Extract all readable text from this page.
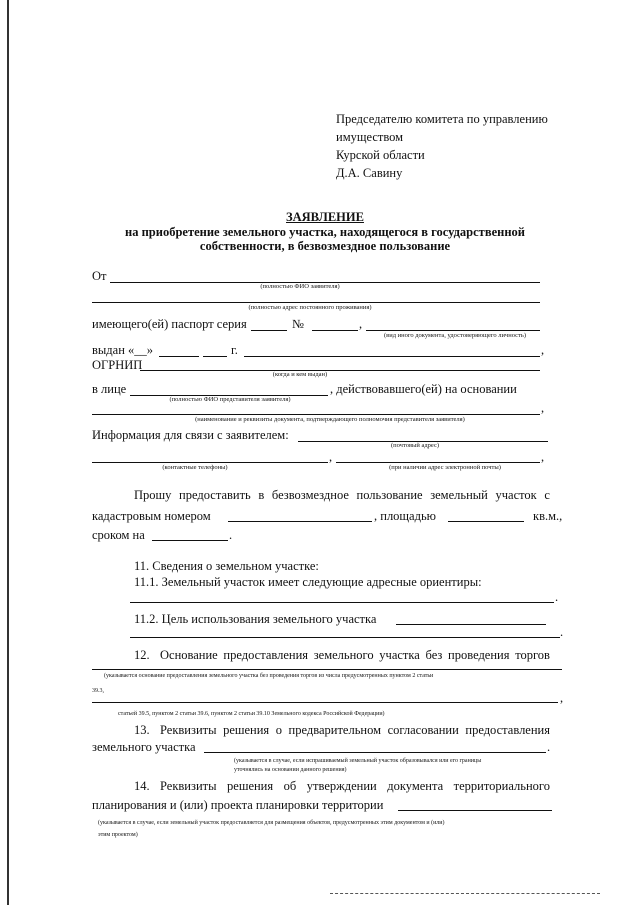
Председателю комитета по управлению
имуществом
Курской области
Д.А. Савину
ЗАЯВЛЕНИЕ
на приобретение земельного участка, находящегося в государственной
собственности, в безвозмездное пользование
От
(полностью ФИО заявителя)
(полностью адрес постоянного проживания)
имеющего(ей) паспорт серия	№	,
(вид иного документа, удостоверяющего личность)
выдан «__»	г.	,
ОГРНИП
(когда и кем выдан)
в лице	, действовавшего(ей) на основании
(полностью ФИО представителя заявителя)
,
(наименование и реквизиты документа, подтверждающего полномочия представителя заявителя)
Информация для связи с заявителем:
(почтовый адрес)
,	,
(контактные телефоны)	(при наличии адрес электронной почты)
Прошу предоставить в безвозмездное пользование земельный участок с
кадастровым номером	, площадью	кв.м.,
сроком на	.
11. Сведения о земельном участке:
11.1. Земельный участок имеет следующие адресные ориентиры:
.
11.2. Цель использования земельного участка
.
12. Основание предоставления земельного участка без проведения торгов
(указывается основание предоставления земельного участка без проведения торгов из числа предусмотренных пунктом 2 статьи
39.3,	,
статьей 39.5, пунктом 2 статьи 39.6, пунктом 2 статьи 39.10 Земельного кодекса Российской Федерации)
13. Реквизиты решения о предварительном согласовании предоставления
земельного участка	.
(указывается в случае, если испрашиваемый земельный участок образовывался или его границы
уточнялись на основании данного решения)
14. Реквизиты решения об утверждении документа территориального
планирования и (или) проекта планировки территории
(указывается в случае, если земельный участок предоставляется для размещения объектов, предусмотренных этим документом и (или)
этим проектом)
